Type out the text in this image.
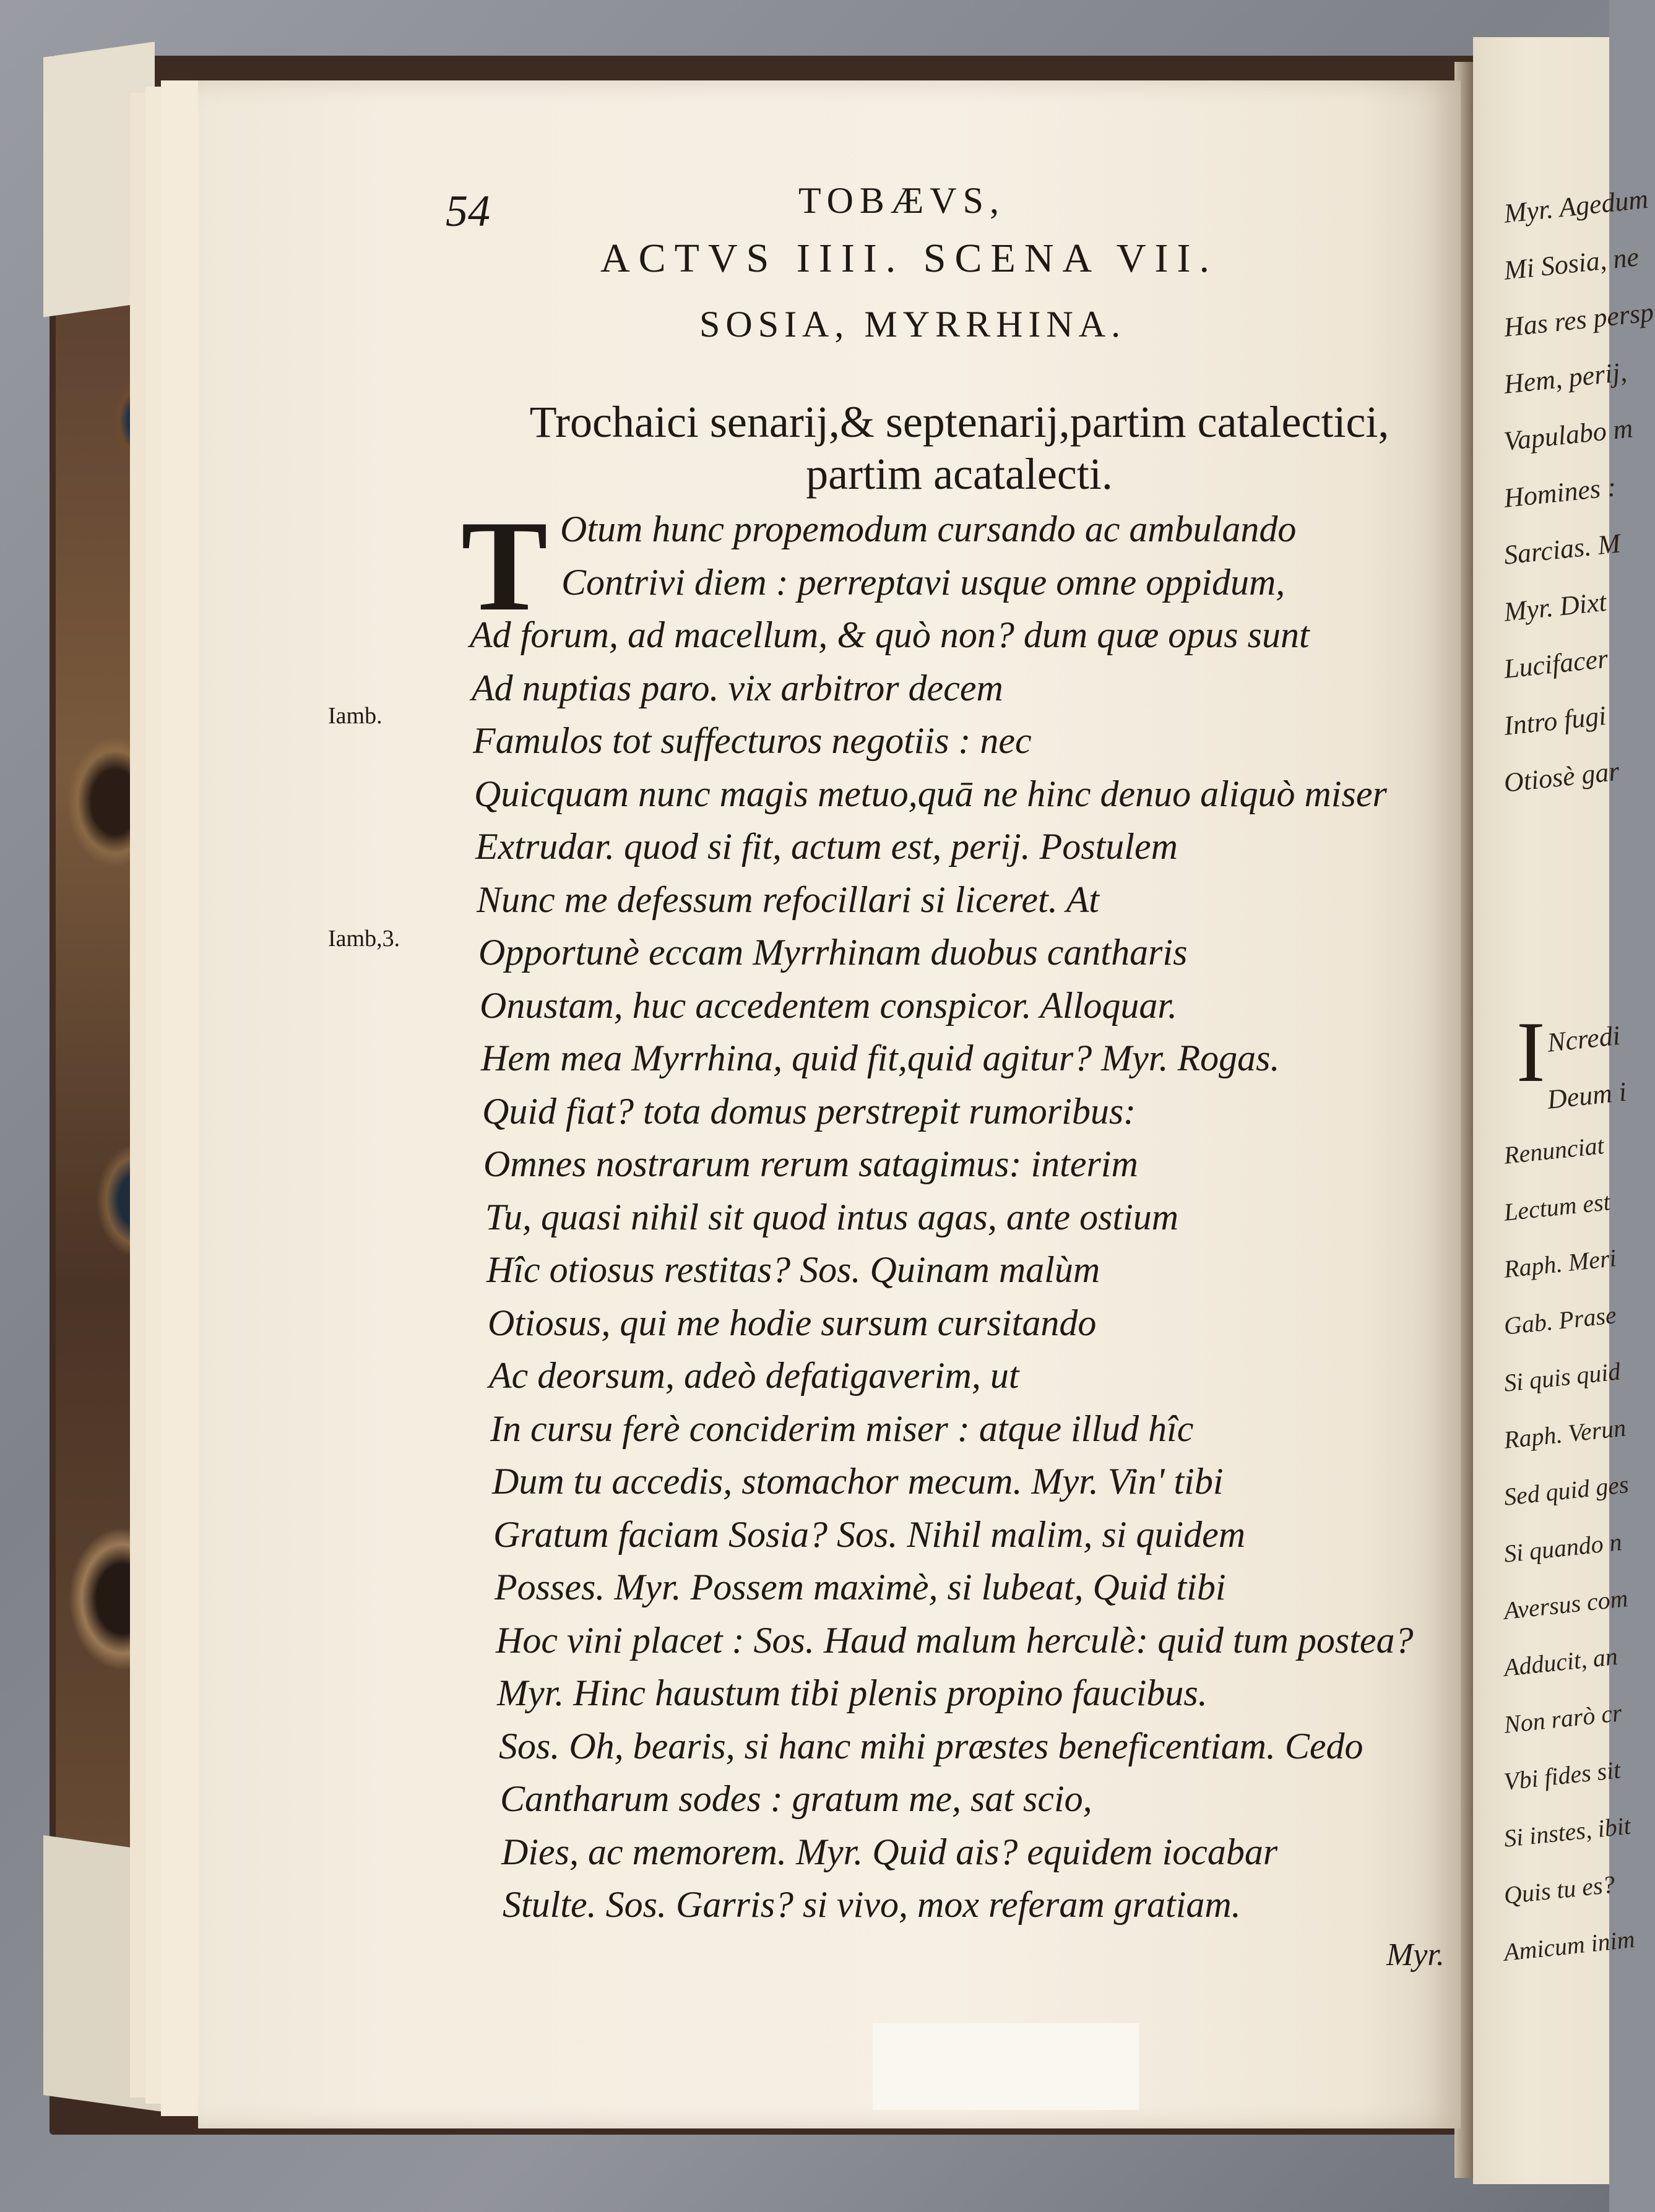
Myr. Agedum
Mi Sosia, ne
Has res persp
Hem, perij,
Vapulabo m
Homines :
Sarcias. M
Myr. Dixt
Lucifacer
Intro fugi
Otiosè gar
Ncredi
Deum i
Renunciat
Lectum est
Raph. Meri
Gab. Prase
Si quis quid
Raph. Verun
Sed quid ges
Si quando n
Aversus com
Adducit, an
Non rarò cr
Vbi fides sit
Si instes, ibit
Quis tu es?
Amicum inim
I
54	TOBÆVS,
ACTVS IIII. SCENA VII.
SOSIA, MYRRHINA.
Trochaici senarij,& septenarij,partim catalectici, partim acatalecti.
T Otum hunc propemodum cursando ac ambulando
Contrivi diem : perreptavi usque omne oppidum,
Ad forum, ad macellum, & quò non? dum quæ opus sunt
Ad nuptias paro. vix arbitror decem
Famulos tot suffecturos negotiis : nec
Quicquam nunc magis metuo,quā ne hinc denuo aliquò miser
Extrudar. quod si fit, actum est, perij. Postulem
Nunc me defessum refocillari si liceret. At
Opportunè eccam Myrrhinam duobus cantharis
Onustam, huc accedentem conspicor. Alloquar.
Hem mea Myrrhina, quid fit,quid agitur? Myr. Rogas.
Quid fiat? tota domus perstrepit rumoribus:
Omnes nostrarum rerum satagimus: interim
Tu, quasi nihil sit quod intus agas, ante ostium
Hîc otiosus restitas? Sos. Quinam malùm
Otiosus, qui me hodie sursum cursitando
Ac deorsum, adeò defatigaverim, ut
In cursu ferè conciderim miser : atque illud hîc
Dum tu accedis, stomachor mecum. Myr. Vin' tibi
Gratum faciam Sosia? Sos. Nihil malim, si quidem
Posses. Myr. Possem maximè, si lubeat, Quid tibi
Hoc vini placet : Sos. Haud malum herculè: quid tum postea?
Myr. Hinc haustum tibi plenis propino faucibus.
Sos. Oh, bearis, si hanc mihi præstes beneficentiam. Cedo
Cantharum sodes : gratum me, sat scio,
Dies, ac memorem. Myr. Quid ais? equidem iocabar
Stulte. Sos. Garris? si vivo, mox referam gratiam.
Iamb.
Iamb,3.
Myr.
